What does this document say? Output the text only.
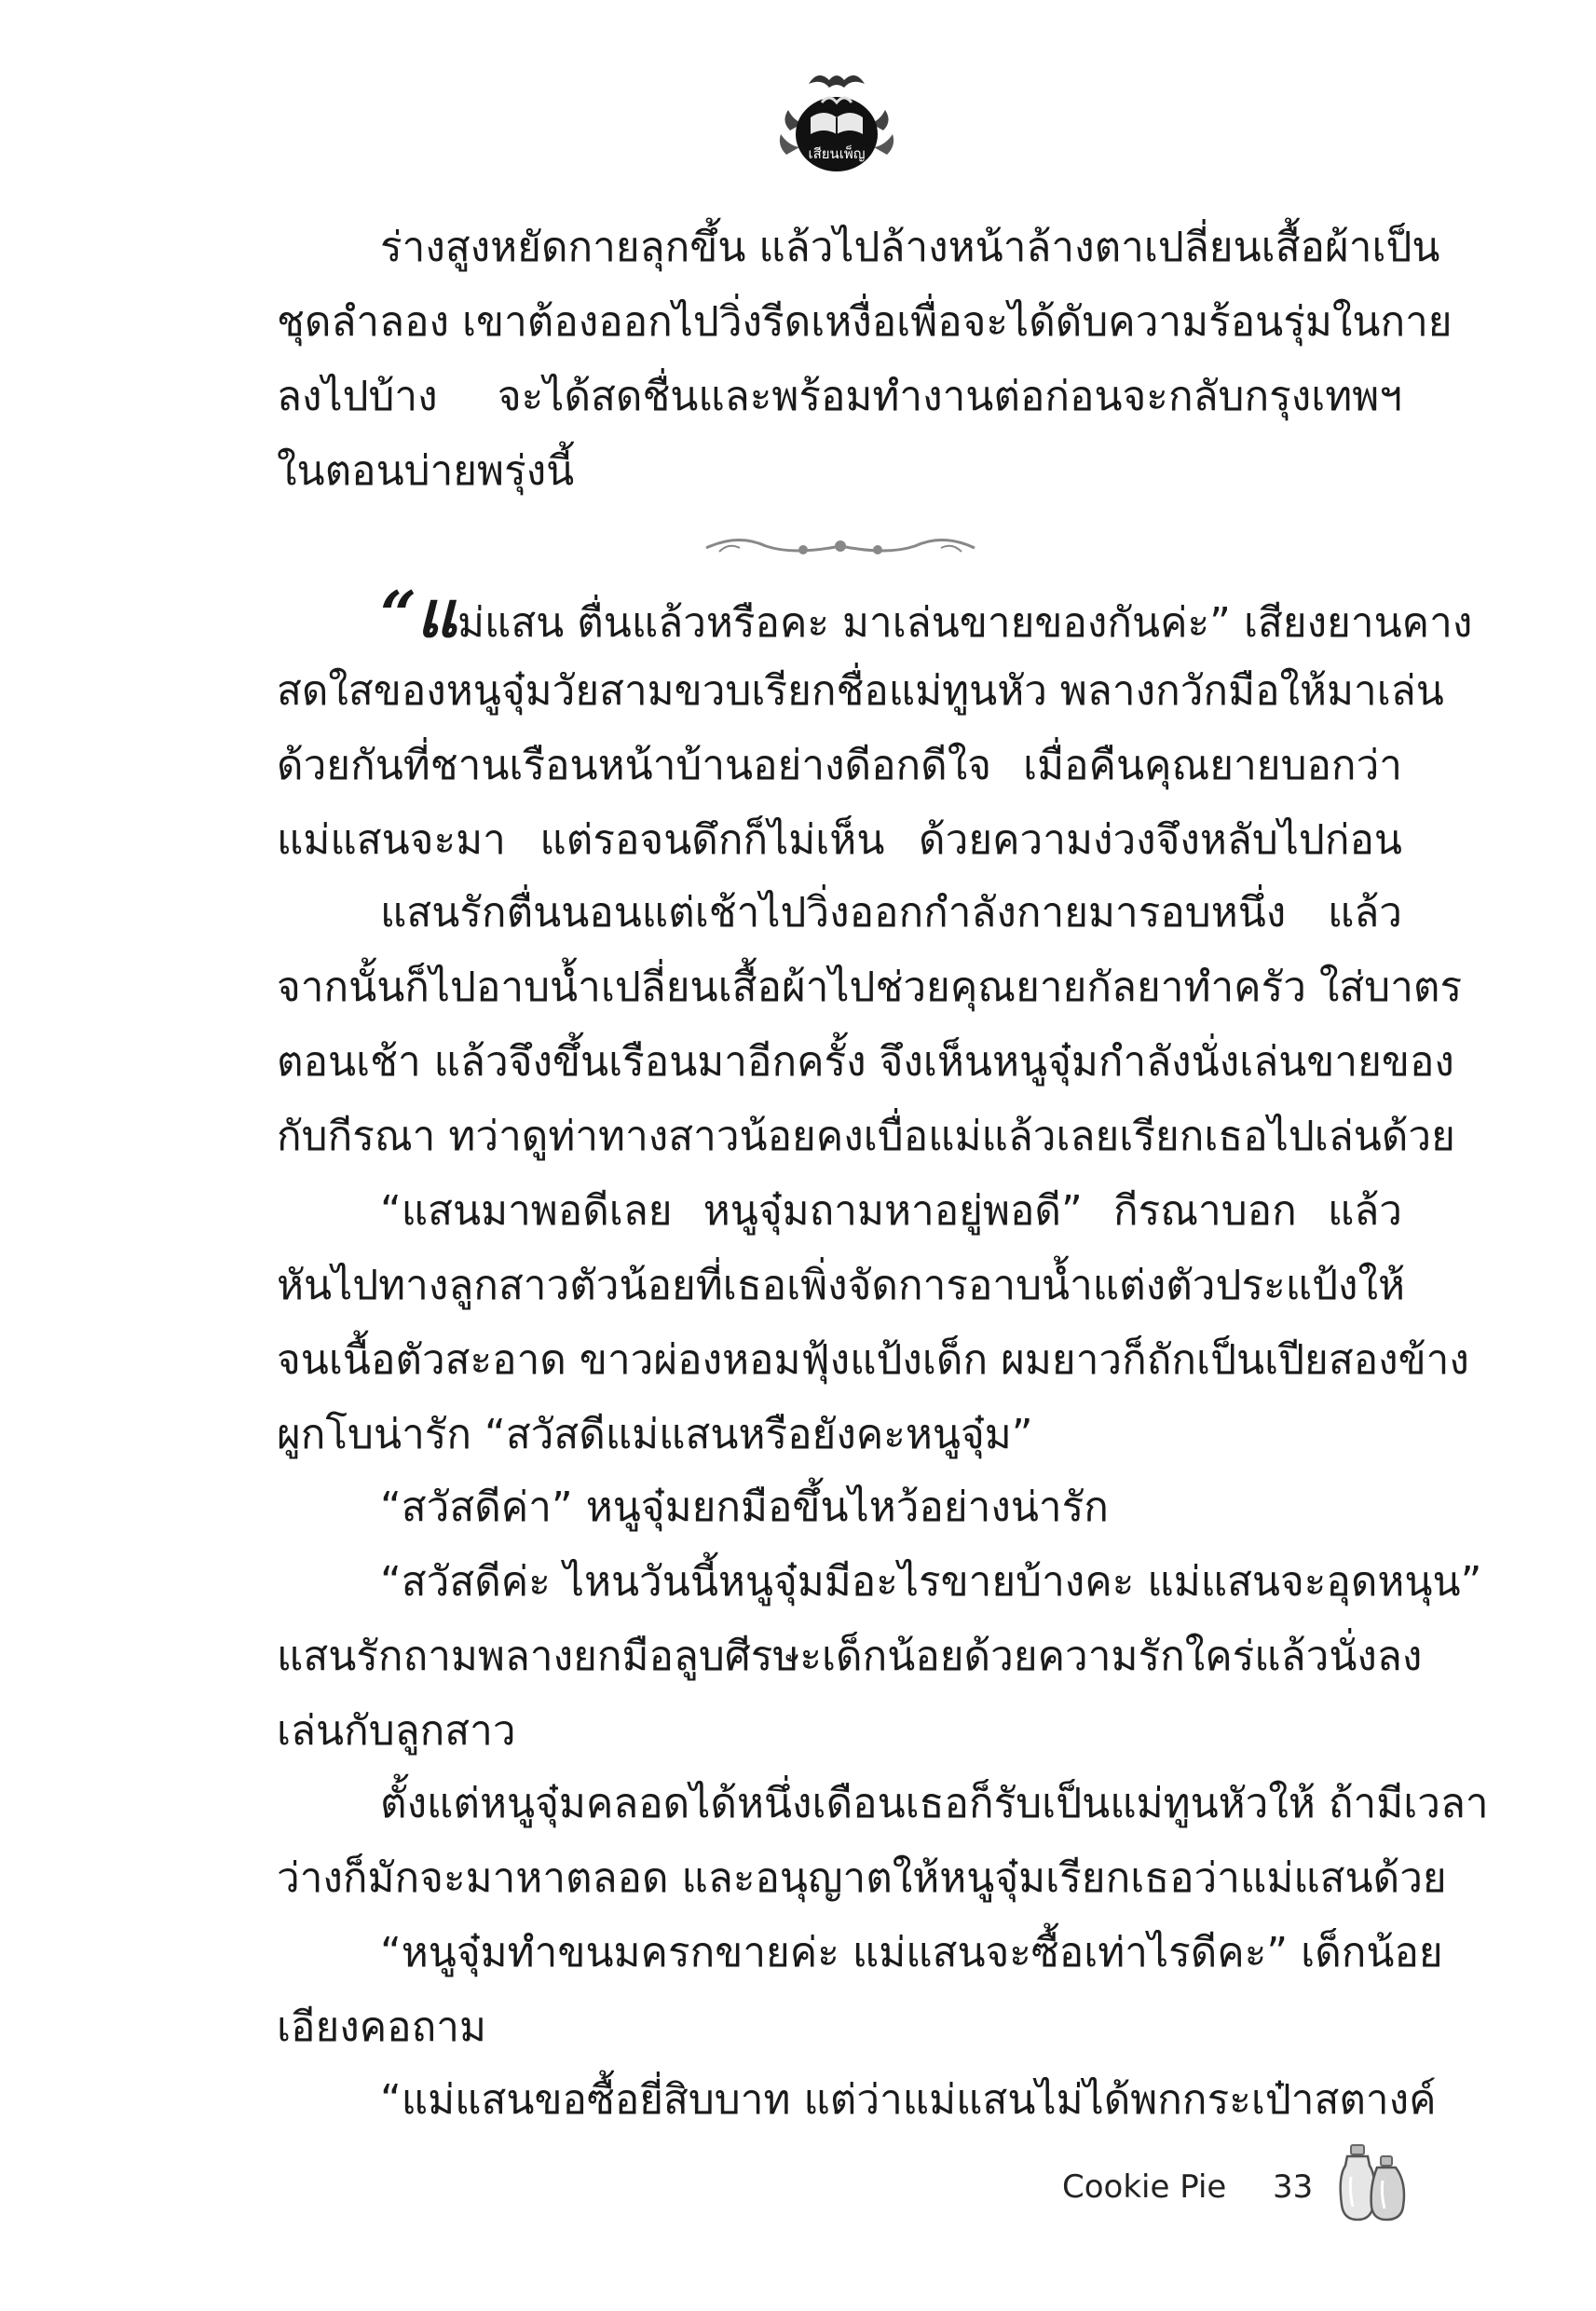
เสียนเพ็ญ
ร่างสูงหยัดกายลุกขึ้น แล้วไปล้างหน้าล้างตาเปลี่ยนเสื้อผ้าเป็น
ชุดลำลอง เขาต้องออกไปวิ่งรีดเหงื่อเพื่อจะได้ดับความร้อนรุ่มในกาย
ลงไปบ้าง จะได้สดชื่นและพร้อมทำงานต่อก่อนจะกลับกรุงเทพฯ
ในตอนบ่ายพรุ่งนี้
“แม่แสน ตื่นแล้วหรือคะ มาเล่นขายของกันค่ะ” เสียงยานคาง
สดใสของหนูจุ๋มวัยสามขวบเรียกชื่อแม่ทูนหัว พลางกวักมือให้มาเล่น
ด้วยกันที่ชานเรือนหน้าบ้านอย่างดีอกดีใจ เมื่อคืนคุณยายบอกว่า
แม่แสนจะมา แต่รอจนดึกก็ไม่เห็น ด้วยความง่วงจึงหลับไปก่อน
แสนรักตื่นนอนแต่เช้าไปวิ่งออกกำลังกายมารอบหนึ่ง แล้ว
จากนั้นก็ไปอาบน้ำเปลี่ยนเสื้อผ้าไปช่วยคุณยายกัลยาทำครัว ใส่บาตร
ตอนเช้า แล้วจึงขึ้นเรือนมาอีกครั้ง จึงเห็นหนูจุ๋มกำลังนั่งเล่นขายของ
กับกีรณา ทว่าดูท่าทางสาวน้อยคงเบื่อแม่แล้วเลยเรียกเธอไปเล่นด้วย
“แสนมาพอดีเลย หนูจุ๋มถามหาอยู่พอดี” กีรณาบอก แล้ว
หันไปทางลูกสาวตัวน้อยที่เธอเพิ่งจัดการอาบน้ำแต่งตัวประแป้งให้
จนเนื้อตัวสะอาด ขาวผ่องหอมฟุ้งแป้งเด็ก ผมยาวก็ถักเป็นเปียสองข้าง
ผูกโบน่ารัก “สวัสดีแม่แสนหรือยังคะหนูจุ๋ม”
“สวัสดีค่า” หนูจุ๋มยกมือขึ้นไหว้อย่างน่ารัก
“สวัสดีค่ะ ไหนวันนี้หนูจุ๋มมีอะไรขายบ้างคะ แม่แสนจะอุดหนุน”
แสนรักถามพลางยกมือลูบศีรษะเด็กน้อยด้วยความรักใคร่แล้วนั่งลง
เล่นกับลูกสาว
ตั้งแต่หนูจุ๋มคลอดได้หนึ่งเดือนเธอก็รับเป็นแม่ทูนหัวให้ ถ้ามีเวลา
ว่างก็มักจะมาหาตลอด และอนุญาตให้หนูจุ๋มเรียกเธอว่าแม่แสนด้วย
“หนูจุ๋มทำขนมครกขายค่ะ แม่แสนจะซื้อเท่าไรดีคะ” เด็กน้อย
เอียงคอถาม
“แม่แสนขอซื้อยี่สิบบาท แต่ว่าแม่แสนไม่ได้พกกระเป๋าสตางค์
Cookie Pie 33
